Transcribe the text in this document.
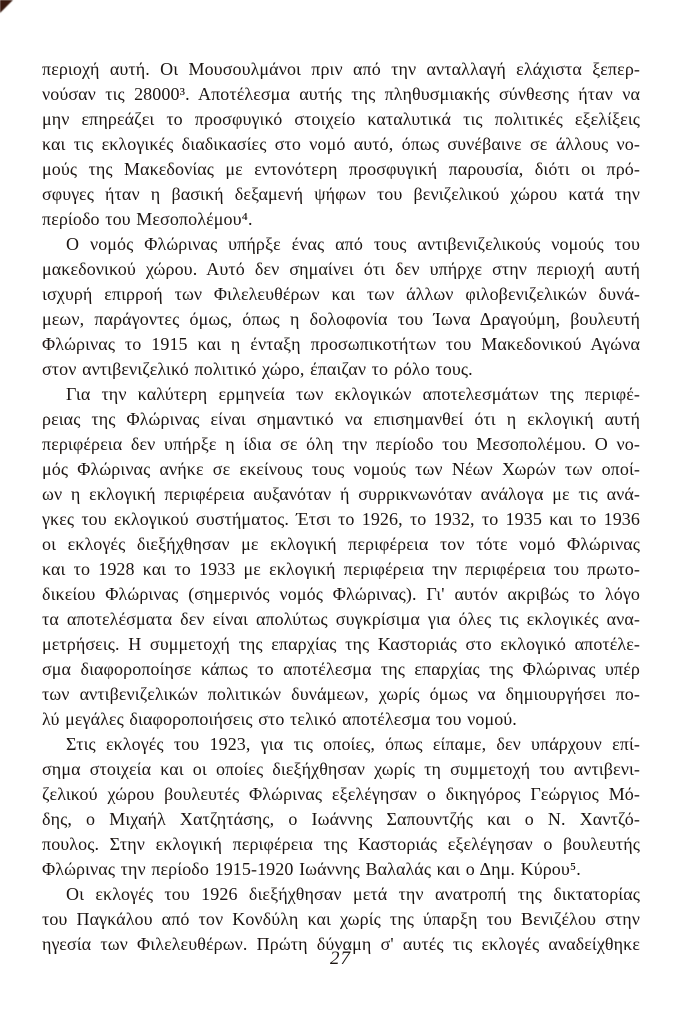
περιοχή αυτή. Οι Μουσουλμάνοι πριν από την ανταλλαγή ελάχιστα ξεπερ-
νούσαν τις 28000³. Αποτέλεσμα αυτής της πληθυσμιακής σύνθεσης ήταν να
μην επηρεάζει το προσφυγικό στοιχείο καταλυτικά τις πολιτικές εξελίξεις
και τις εκλογικές διαδικασίες στο νομό αυτό, όπως συνέβαινε σε άλλους νο-
μούς της Μακεδονίας με εντονότερη προσφυγική παρουσία, διότι οι πρό-
σφυγες ήταν η βασική δεξαμενή ψήφων του βενιζελικού χώρου κατά την
περίοδο του Μεσοπολέμου⁴.
Ο νομός Φλώρινας υπήρξε ένας από τους αντιβενιζελικούς νομούς του
μακεδονικού χώρου. Αυτό δεν σημαίνει ότι δεν υπήρχε στην περιοχή αυτή
ισχυρή επιρροή των Φιλελευθέρων και των άλλων φιλοβενιζελικών δυνά-
μεων, παράγοντες όμως, όπως η δολοφονία του Ίωνα Δραγούμη, βουλευτή
Φλώρινας το 1915 και η ένταξη προσωπικοτήτων του Μακεδονικού Αγώνα
στον αντιβενιζελικό πολιτικό χώρο, έπαιζαν το ρόλο τους.
Για την καλύτερη ερμηνεία των εκλογικών αποτελεσμάτων της περιφέ-
ρειας της Φλώρινας είναι σημαντικό να επισημανθεί ότι η εκλογική αυτή
περιφέρεια δεν υπήρξε η ίδια σε όλη την περίοδο του Μεσοπολέμου. Ο νο-
μός Φλώρινας ανήκε σε εκείνους τους νομούς των Νέων Χωρών των οποί-
ων η εκλογική περιφέρεια αυξανόταν ή συρρικνωνόταν ανάλογα με τις ανά-
γκες του εκλογικού συστήματος. Έτσι το 1926, το 1932, το 1935 και το 1936
οι εκλογές διεξήχθησαν με εκλογική περιφέρεια τον τότε νομό Φλώρινας
και το 1928 και το 1933 με εκλογική περιφέρεια την περιφέρεια του πρωτο-
δικείου Φλώρινας (σημερινός νομός Φλώρινας). Γι' αυτόν ακριβώς το λόγο
τα αποτελέσματα δεν είναι απολύτως συγκρίσιμα για όλες τις εκλογικές ανα-
μετρήσεις. Η συμμετοχή της επαρχίας της Καστοριάς στο εκλογικό αποτέλε-
σμα διαφοροποίησε κάπως το αποτέλεσμα της επαρχίας της Φλώρινας υπέρ
των αντιβενιζελικών πολιτικών δυνάμεων, χωρίς όμως να δημιουργήσει πο-
λύ μεγάλες διαφοροποιήσεις στο τελικό αποτέλεσμα του νομού.
Στις εκλογές του 1923, για τις οποίες, όπως είπαμε, δεν υπάρχουν επί-
σημα στοιχεία και οι οποίες διεξήχθησαν χωρίς τη συμμετοχή του αντιβενι-
ζελικού χώρου βουλευτές Φλώρινας εξελέγησαν ο δικηγόρος Γεώργιος Μό-
δης, ο Μιχαήλ Χατζητάσης, ο Ιωάννης Σαπουντζής και ο Ν. Χαντζό-
πουλος. Στην εκλογική περιφέρεια της Καστοριάς εξελέγησαν ο βουλευτής
Φλώρινας την περίοδο 1915-1920 Ιωάννης Βαλαλάς και ο Δημ. Κύρου⁵.
Οι εκλογές του 1926 διεξήχθησαν μετά την ανατροπή της δικτατορίας
του Παγκάλου από τον Κονδύλη και χωρίς της ύπαρξη του Βενιζέλου στην
ηγεσία των Φιλελευθέρων. Πρώτη δύναμη σ' αυτές τις εκλογές αναδείχθηκε
27
